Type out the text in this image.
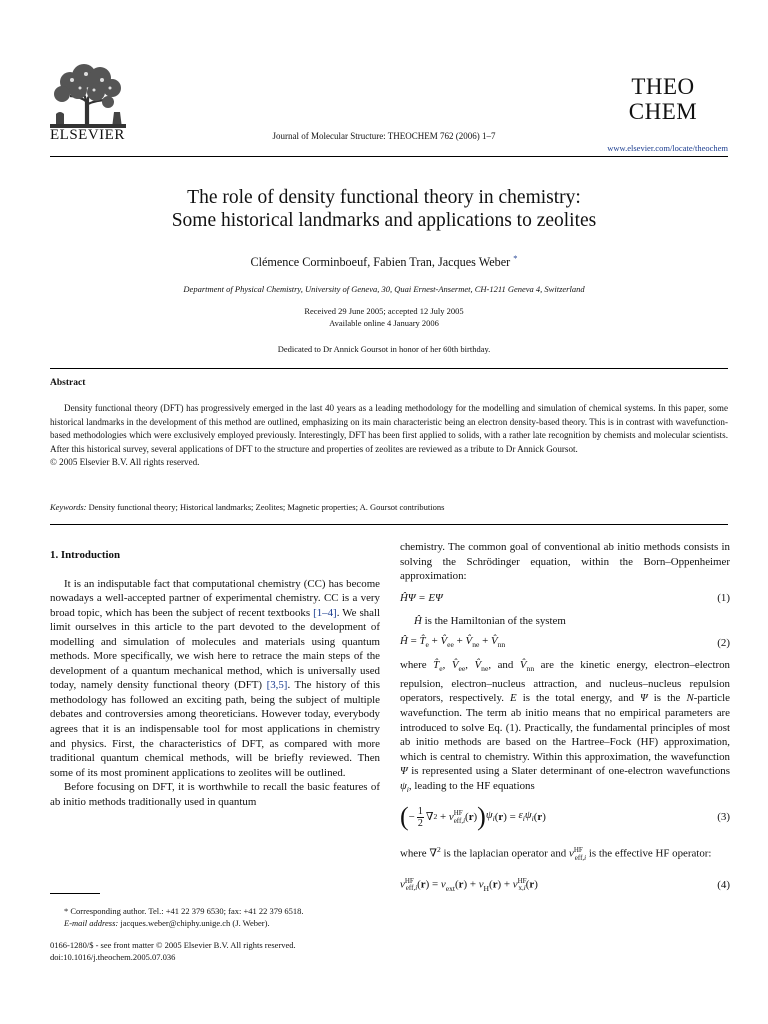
ELSEVIER	Journal of Molecular Structure: THEOCHEM 762 (2006) 1–7
THEO
CHEM
www.elsevier.com/locate/theochem
The role of density functional theory in chemistry:
Some historical landmarks and applications to zeolites
Clémence Corminboeuf, Fabien Tran, Jacques Weber *
Department of Physical Chemistry, University of Geneva, 30, Quai Ernest-Ansermet, CH-1211 Geneva 4, Switzerland
Received 29 June 2005; accepted 12 July 2005
Available online 4 January 2006
Dedicated to Dr Annick Goursot in honor of her 60th birthday.
Abstract

Density functional theory (DFT) has progressively emerged in the last 40 years as a leading methodology for the modelling and simulation of chemical systems. In this paper, some historical landmarks in the development of this method are outlined, emphasizing on its main characteristic being an electron density-based theory. This is in contrast with wavefunction-based methodologies which were exclusively employed previously. Interestingly, DFT has been first applied to solids, with a rather late recognition by chemists and molecular scientists. After this historical survey, several applications of DFT to the structure and properties of zeolites are reviewed as a tribute to Dr Annick Goursot.

© 2005 Elsevier B.V. All rights reserved.

Keywords: Density functional theory; Historical landmarks; Zeolites; Magnetic properties; A. Goursot contributions

1. Introduction

It is an indisputable fact that computational chemistry (CC) has become nowadays a well-accepted partner of experimental chemistry. CC is a very broad topic, which has been the subject of recent textbooks [1–4]. We shall limit ourselves in this article to the part devoted to the development of modelling and simulation of molecules and materials using quantum methods. More specifically, we wish here to retrace the main steps of the development of a quantum mechanical method, which is universally used today, namely density functional theory (DFT) [3,5]. The history of this methodology has followed an exciting path, being the subject of multiple debates and controversies among theoreticians. However today, everybody agrees that it is an indispensable tool for most applications in chemistry and physics. First, the characteristics of DFT, as compared with more traditional quantum chemical methods, will be briefly reviewed. Then some of its most prominent applications to zeolites will be outlined.

Before focusing on DFT, it is worthwhile to recall the basic features of ab initio methods traditionally used in quantum

* Corresponding author. Tel.: +41 22 379 6530; fax: +41 22 379 6518.
E-mail address: jacques.weber@chiphy.unige.ch (J. Weber).
0166-1280/$ - see front matter © 2005 Elsevier B.V. All rights reserved.
doi:10.1016/j.theochem.2005.07.036

chemistry. The common goal of conventional ab initio methods consists in solving the Schrödinger equation, within the Born–Oppenheimer approximation:

ĤΨ = EΨ	(1)

Ĥ is the Hamiltonian of the system

Ĥ = $T̂_e$ + $V̂_{ee}$ + $V̂_{ne}$ + $V̂_{nn}$	(2)

where $T̂_e$, $V̂_{ee}$, $V̂_{ne}$, and $V̂_{nn}$ are the kinetic energy, electron–electron repulsion, electron–nucleus attraction, and nucleus–nucleus repulsion operators, respectively. E is the total energy, and Ψ is the N-particle wavefunction. The term ab initio means that no empirical parameters are introduced to solve Eq. (1). Practically, the fundamental principles of most ab initio methods are based on the Hartree–Fock (HF) approximation, which is central to chemistry. Within this approximation, the wavefunction Ψ is represented using a Slater determinant of one-electron wavefunctions $\psi_i$, leading to the HF equations

( − 1
2
∇ 2 + v HF
eff,i ( r ) ) $\psi_i$ ( r ) = $\varepsilon_i\psi_i$ ( r )	(3)

where ∇$^2$ is the laplacian operator and $v^{HF}_{eff,i}$ is the effective HF operator:

$v^{HF}_{eff,i}(r) = v_{ext}(r) + v_H(r) + v^{HF}_{x,i}(r)$	(4)
